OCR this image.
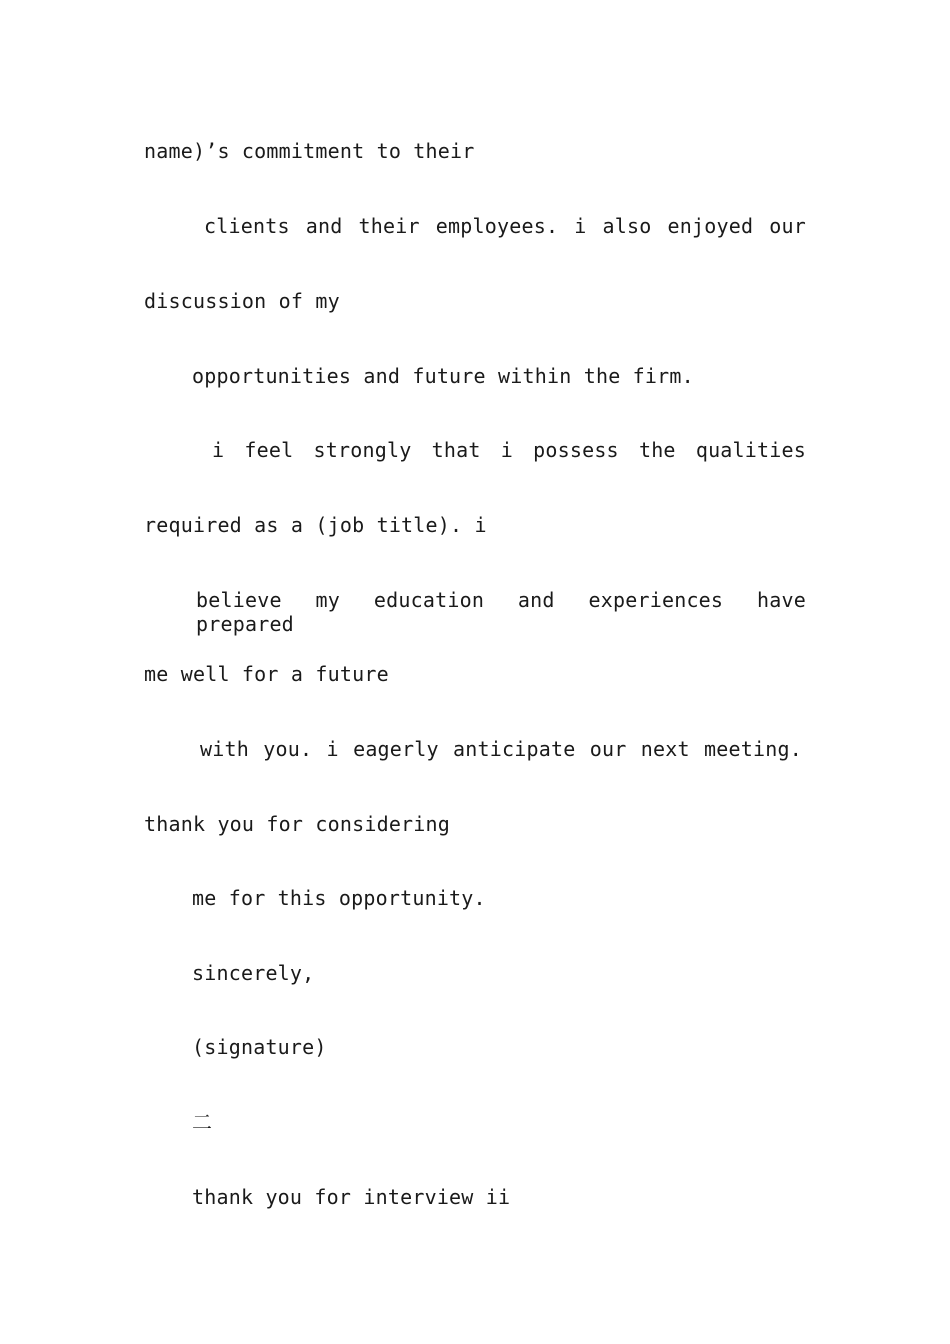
name)’s commitment to their
clients and their employees. i also enjoyed our
discussion of my
opportunities and future within the firm.
i feel strongly that i possess the qualities
required as a (job title). i
believe my education and experiences have prepared
me well for a future
with you. i eagerly anticipate our next meeting.
thank you for considering
me for this opportunity.
sincerely,
(signature)
二
thank you for interview ii
